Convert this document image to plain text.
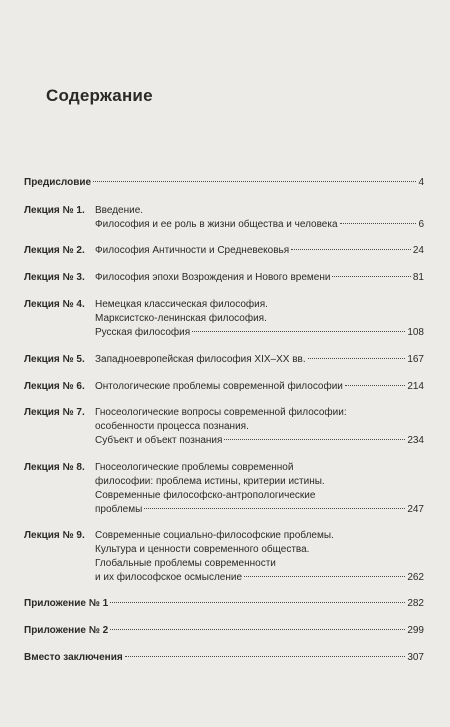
Содержание
Предисловие	4
Лекция № 1.	Введение.
Философия и ее роль в жизни общества и человека	6
Лекция № 2.	Философия Античности и Средневековья	24
Лекция № 3.	Философия эпохи Возрождения и Нового времени	81
Лекция № 4.	Немецкая классическая философия.
Марксистско-ленинская философия.
Русская философия	108
Лекция № 5.	Западноевропейская философия XIX–XX вв.	167
Лекция № 6.	Онтологические проблемы современной философии	214
Лекция № 7.	Гносеологические вопросы современной философии:
особенности процесса познания.
Субъект и объект познания	234
Лекция № 8.	Гносеологические проблемы современной
философии: проблема истины, критерии истины.
Современные философско-антропологические
проблемы	247
Лекция № 9.	Современные социально-философские проблемы.
Культура и ценности современного общества.
Глобальные проблемы современности
и их философское осмысление	262
Приложение № 1	282
Приложение № 2	299
Вместо заключения	307
